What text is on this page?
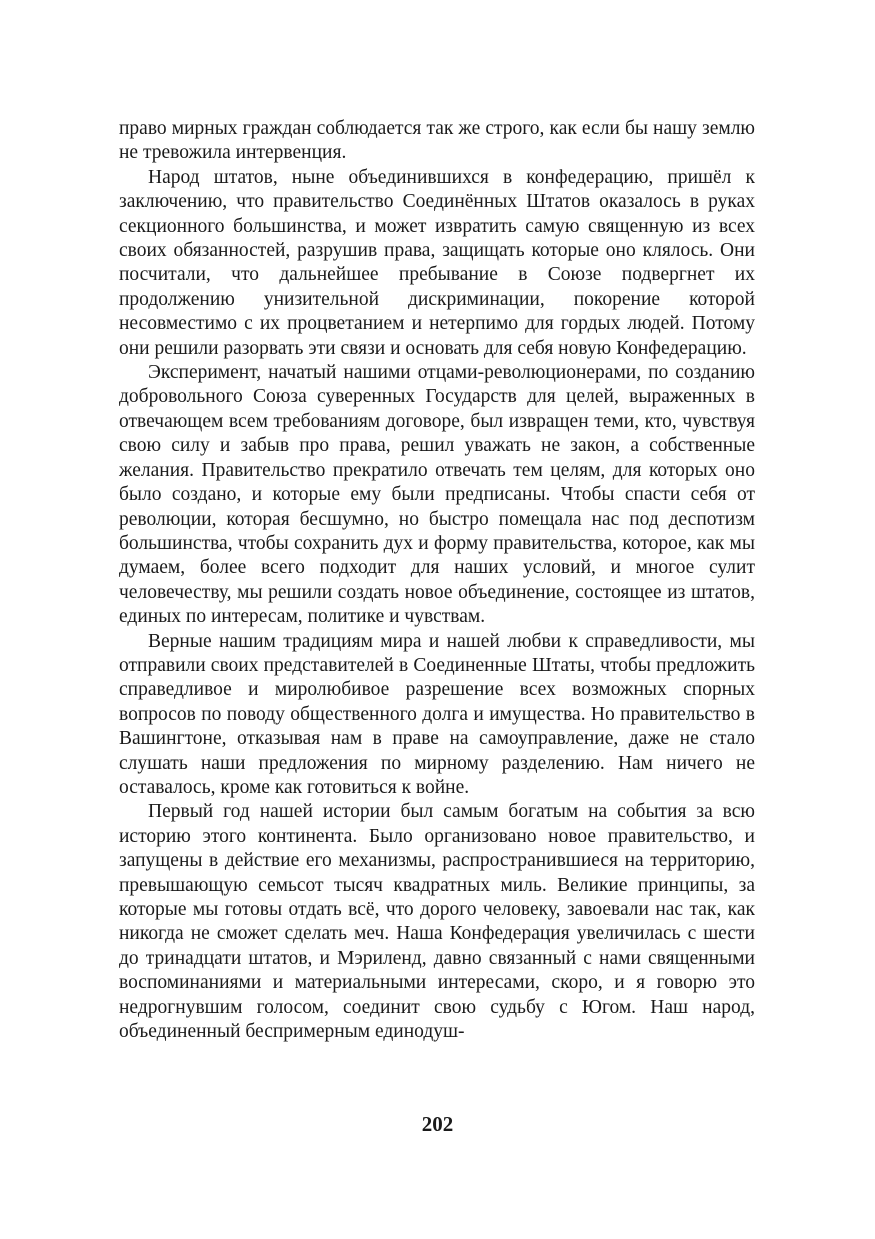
право мирных граждан соблюдается так же строго, как если бы нашу землю не тревожила интервенция.

Народ штатов, ныне объединившихся в конфедерацию, пришёл к заключению, что правительство Соединённых Штатов оказалось в руках секционного большинства, и может извратить самую священную из всех своих обязанностей, разрушив права, защищать которые оно клялось. Они посчитали, что дальнейшее пребывание в Союзе подвергнет их продолжению унизительной дискриминации, покорение которой несовместимо с их процветанием и нетерпимо для гордых людей. Потому они решили разорвать эти связи и основать для себя новую Конфедерацию.

Эксперимент, начатый нашими отцами-революционерами, по созданию добровольного Союза суверенных Государств для целей, выраженных в отвечающем всем требованиям договоре, был извращен теми, кто, чувствуя свою силу и забыв про права, решил уважать не закон, а собственные желания. Правительство прекратило отвечать тем целям, для которых оно было создано, и которые ему были предписаны. Чтобы спасти себя от революции, которая бесшумно, но быстро помещала нас под деспотизм большинства, чтобы сохранить дух и форму правительства, которое, как мы думаем, более всего подходит для наших условий, и многое сулит человечеству, мы решили создать новое объединение, состоящее из штатов, единых по интересам, политике и чувствам.

Верные нашим традициям мира и нашей любви к справедливости, мы отправили своих представителей в Соединенные Штаты, чтобы предложить справедливое и миролюбивое разрешение всех возможных спорных вопросов по поводу общественного долга и имущества. Но правительство в Вашингтоне, отказывая нам в праве на самоуправление, даже не стало слушать наши предложения по мирному разделению. Нам ничего не оставалось, кроме как готовиться к войне.

Первый год нашей истории был самым богатым на события за всю историю этого континента. Было организовано новое правительство, и запущены в действие его механизмы, распространившиеся на территорию, превышающую семьсот тысяч квадратных миль. Великие принципы, за которые мы готовы отдать всё, что дорого человеку, завоевали нас так, как никогда не сможет сделать меч. Наша Конфедерация увеличилась с шести до тринадцати штатов, и Мэриленд, давно связанный с нами священными воспоминаниями и материальными интересами, скоро, и я говорю это недрогнувшим голосом, соединит свою судьбу с Югом. Наш народ, объединенный беспримерным единодуш-

202
